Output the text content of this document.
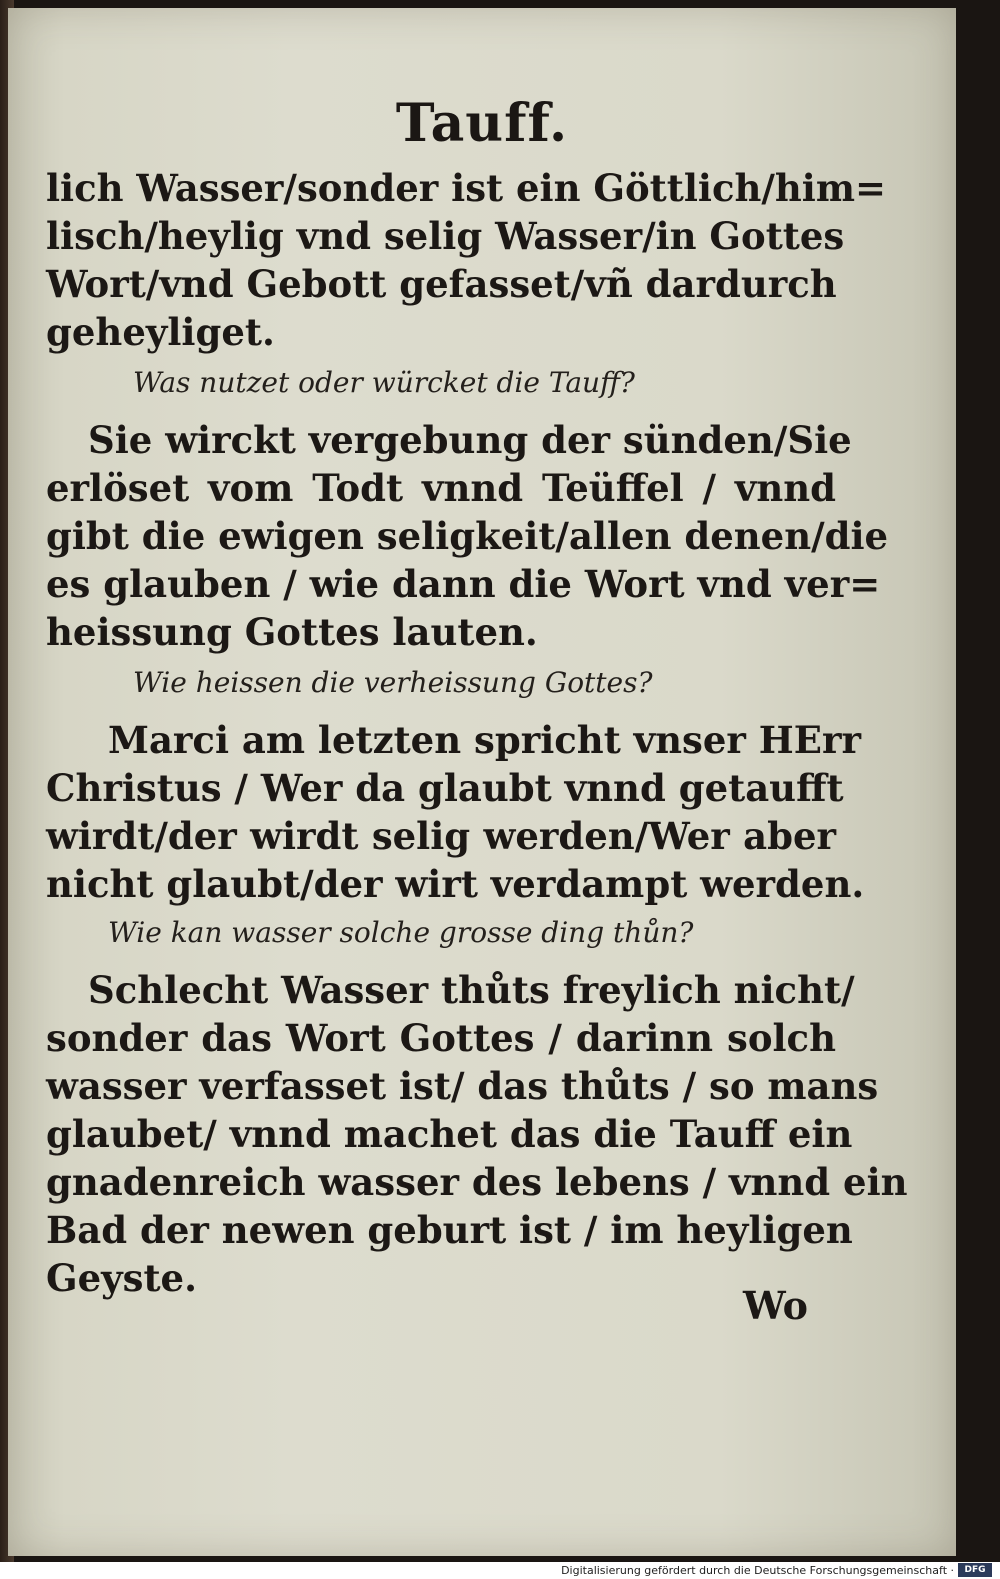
Tauff.
lich Wasser/sonder ist ein Göttlich/him=
lisch/heylig vnd selig Wasser/in Gottes
Wort/vnd Gebott gefasset/vñ dardurch
geheyliget.
Was nutzet oder würcket die Tauff?
Sie wirckt vergebung der sünden/Sie
erlöset vom Todt vnnd Teüffel / vnnd
gibt die ewigen seligkeit/allen denen/die
es glauben / wie dann die Wort vnd ver=
heissung Gottes lauten.
Wie heissen die verheissung Gottes?
Marci am letzten spricht vnser HErr
Christus / Wer da glaubt vnnd getaufft
wirdt/der wirdt selig werden/Wer aber
nicht glaubt/der wirt verdampt werden.
Wie kan wasser solche grosse ding thůn?
Schlecht Wasser thůts freylich nicht/
sonder das Wort Gottes / darinn solch
wasser verfasset ist/ das thůts / so mans
glaubet/ vnnd machet das die Tauff ein
gnadenreich wasser des lebens / vnnd ein
Bad der newen geburt ist / im heyligen
Geyste.
Wo
Digitalisierung gefördert durch die Deutsche Forschungsgemeinschaft ·	DFG
